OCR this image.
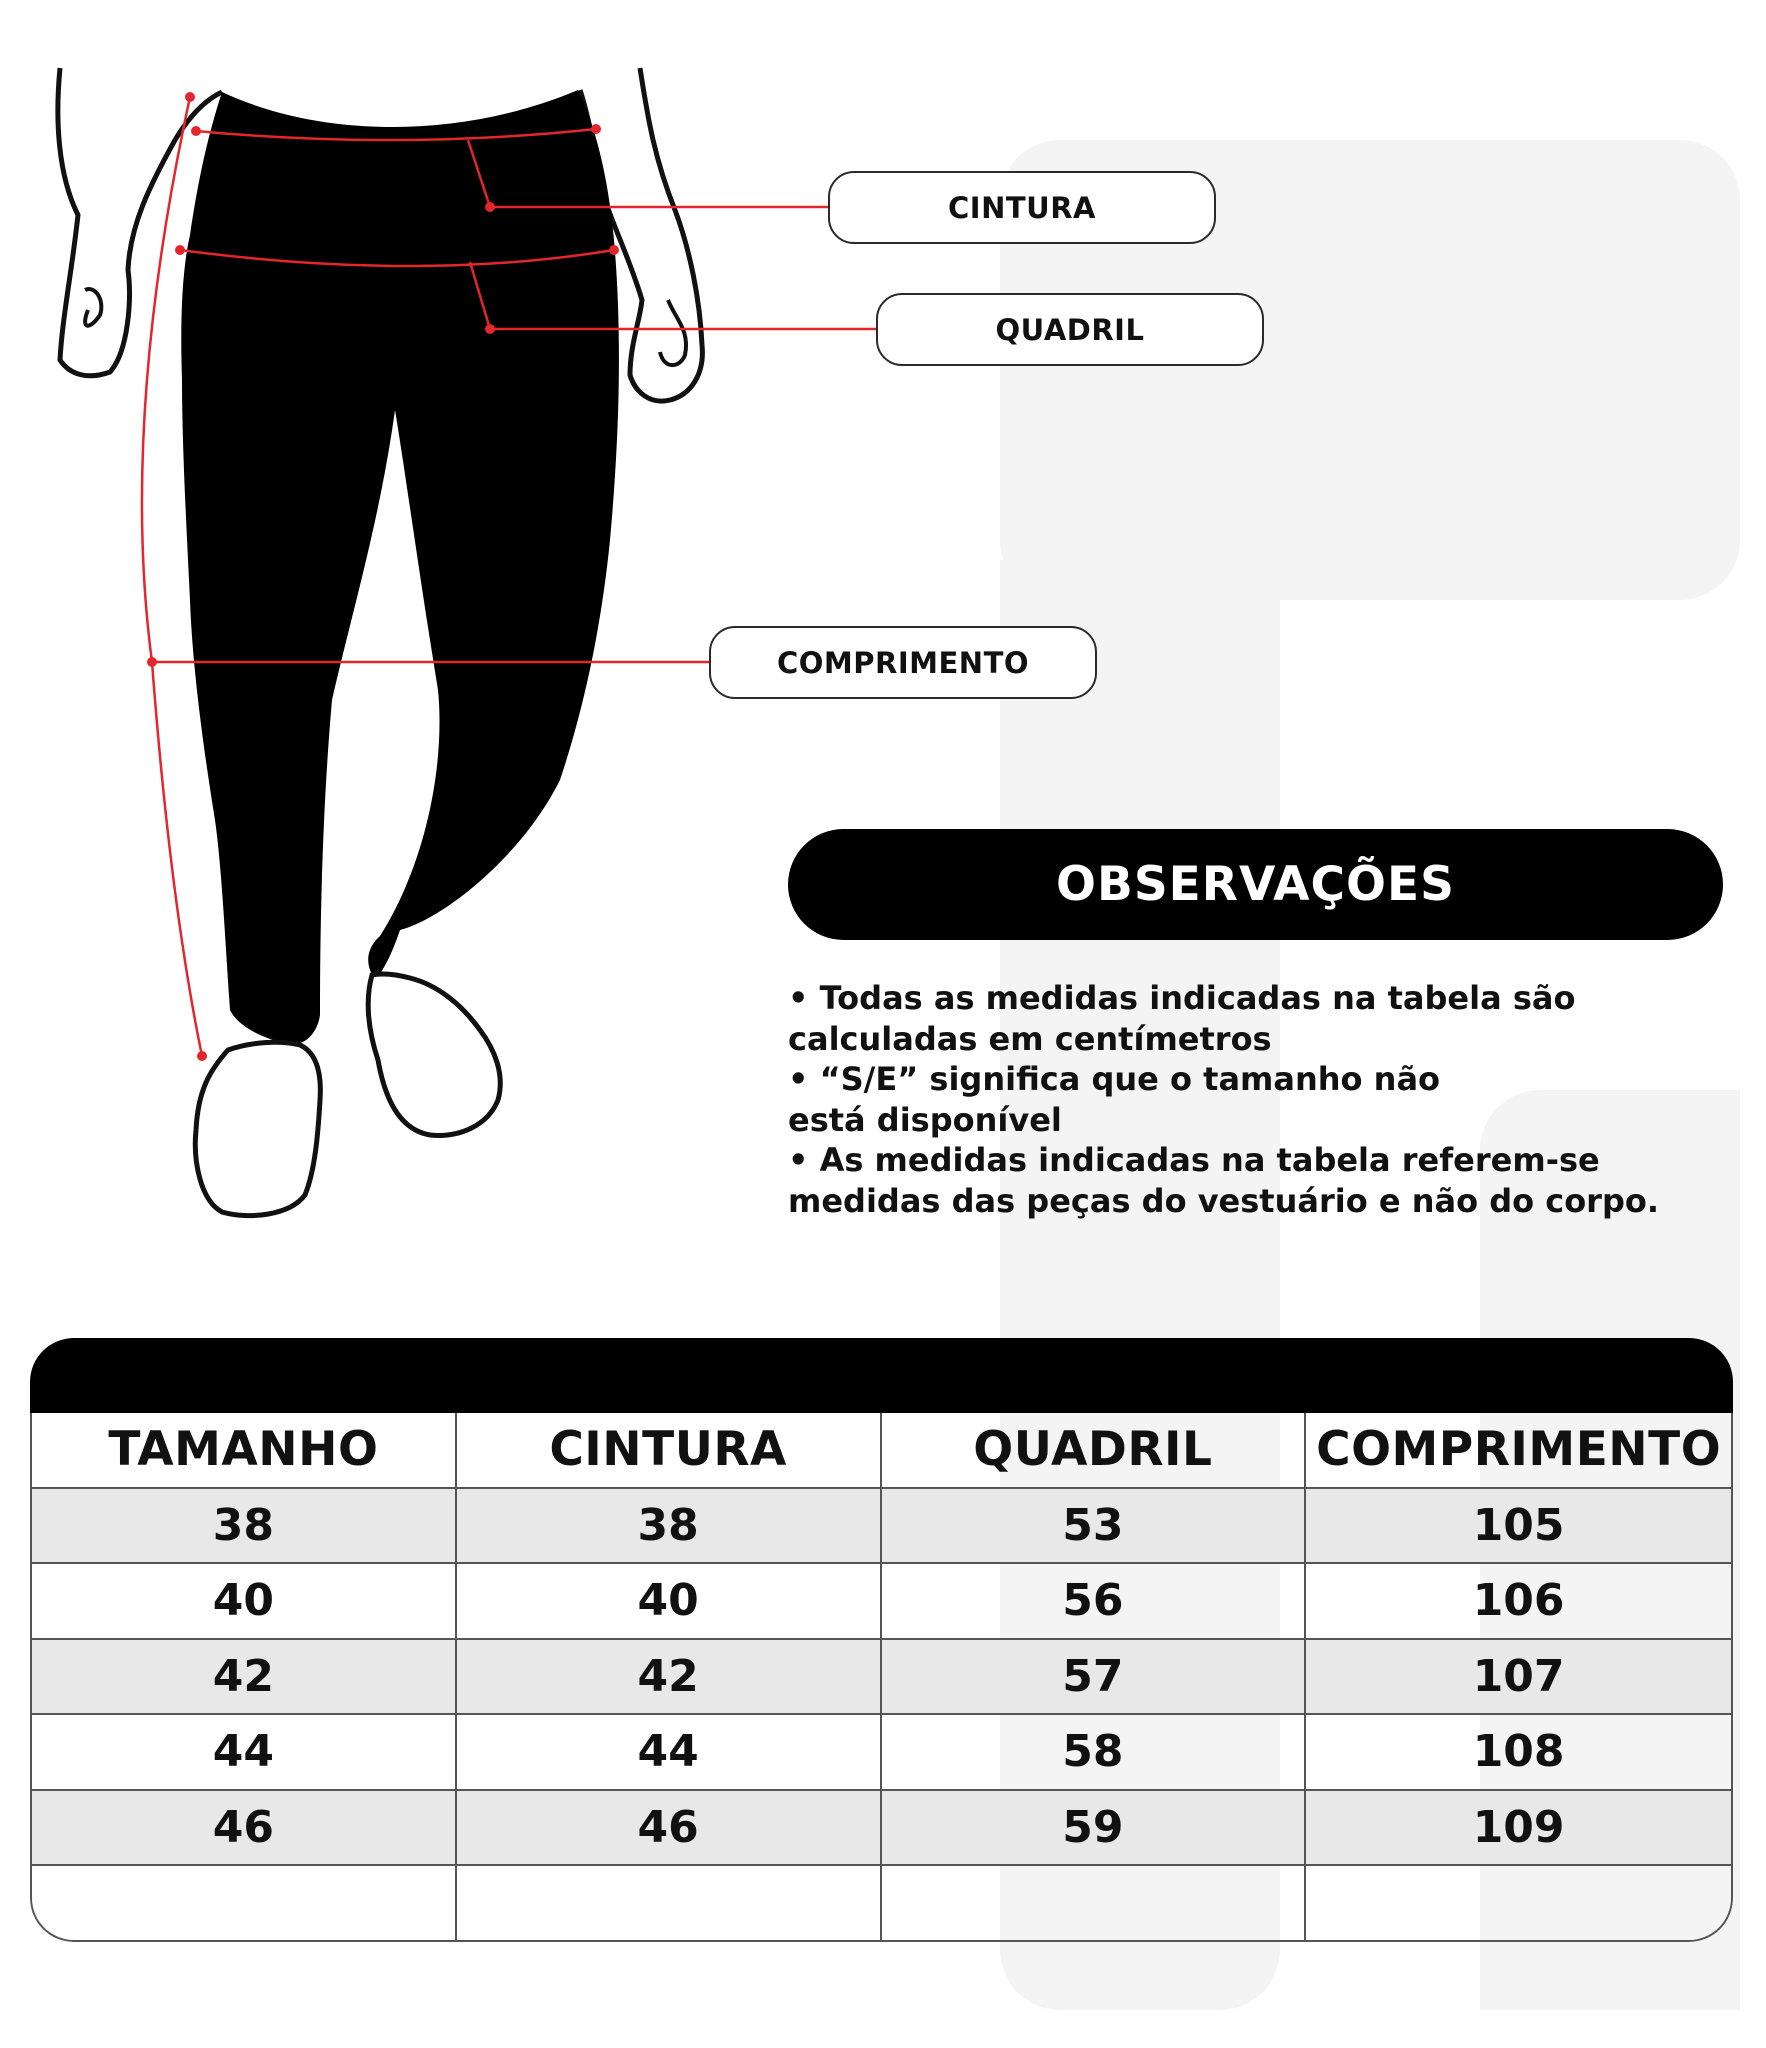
CINTURA
QUADRIL
COMPRIMENTO
OBSERVAÇÕES
• Todas as medidas indicadas na tabela são
calculadas em centímetros
• “S/E” significa que o tamanho não
está disponível
• As medidas indicadas na tabela referem-se
medidas das peças do vestuário e não do corpo.
TAMANHO	CINTURA	QUADRIL	COMPRIMENTO
38	38	53	105
40	40	56	106
42	42	57	107
44	44	58	108
46	46	59	109
